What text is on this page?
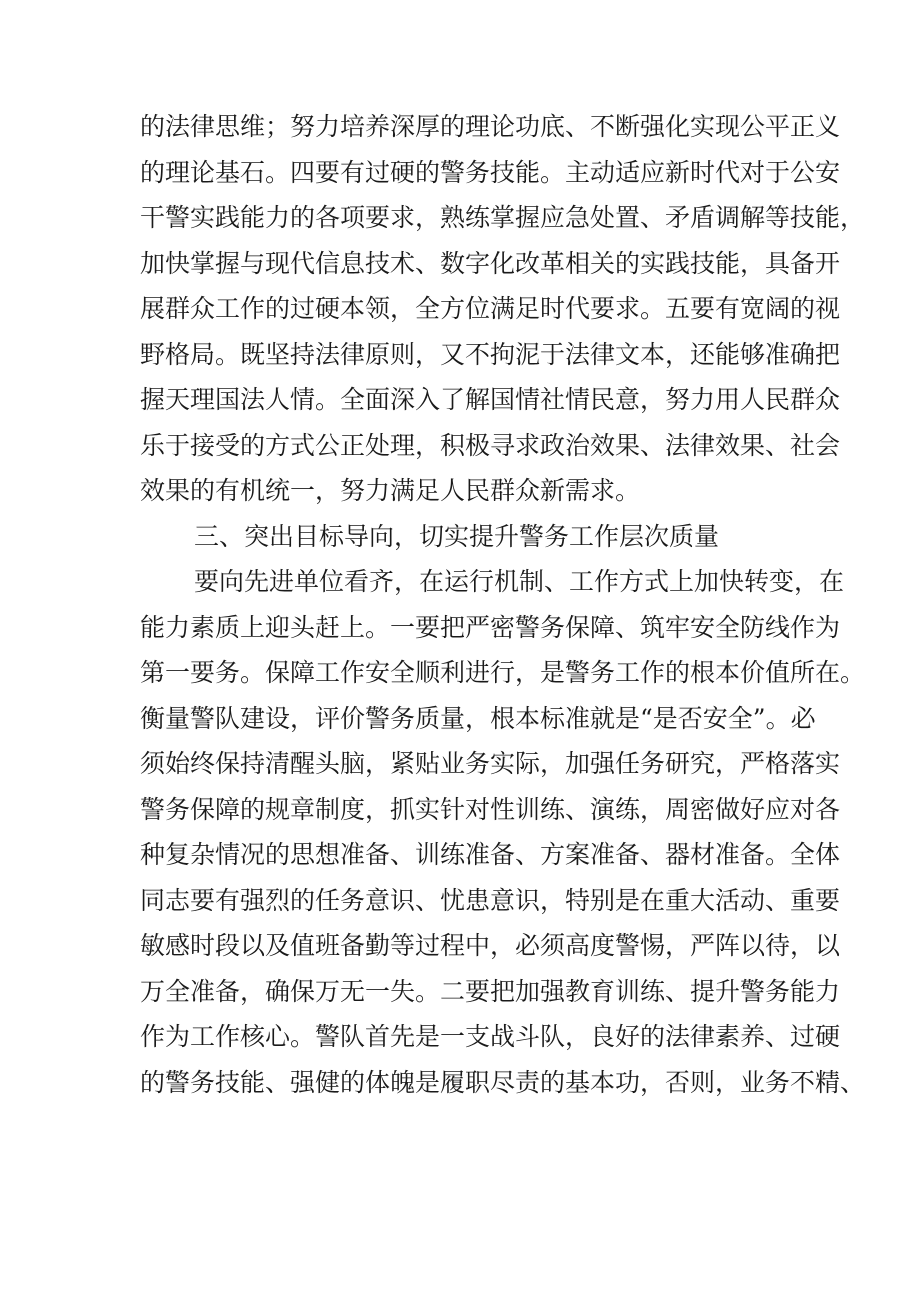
的法律思维；努力培养深厚的理论功底、不断强化实现公平正义
的理论基石。四要有过硬的警务技能。主动适应新时代对于公安
干警实践能力的各项要求，熟练掌握应急处置、矛盾调解等技能，
加快掌握与现代信息技术、数字化改革相关的实践技能，具备开
展群众工作的过硬本领，全方位满足时代要求。五要有宽阔的视
野格局。既坚持法律原则，又不拘泥于法律文本，还能够准确把
握天理国法人情。全面深入了解国情社情民意，努力用人民群众
乐于接受的方式公正处理，积极寻求政治效果、法律效果、社会
效果的有机统一，努力满足人民群众新需求。
三、突出目标导向，切实提升警务工作层次质量
要向先进单位看齐，在运行机制、工作方式上加快转变，在
能力素质上迎头赶上。一要把严密警务保障、筑牢安全防线作为
第一要务。保障工作安全顺利进行，是警务工作的根本价值所在。
衡量警队建设，评价警务质量，根本标准就是“是否安全”。必
须始终保持清醒头脑，紧贴业务实际，加强任务研究，严格落实
警务保障的规章制度，抓实针对性训练、演练，周密做好应对各
种复杂情况的思想准备、训练准备、方案准备、器材准备。全体
同志要有强烈的任务意识、忧患意识，特别是在重大活动、重要
敏感时段以及值班备勤等过程中，必须高度警惕，严阵以待，以
万全准备，确保万无一失。二要把加强教育训练、提升警务能力
作为工作核心。警队首先是一支战斗队，良好的法律素养、过硬
的警务技能、强健的体魄是履职尽责的基本功，否则，业务不精、
